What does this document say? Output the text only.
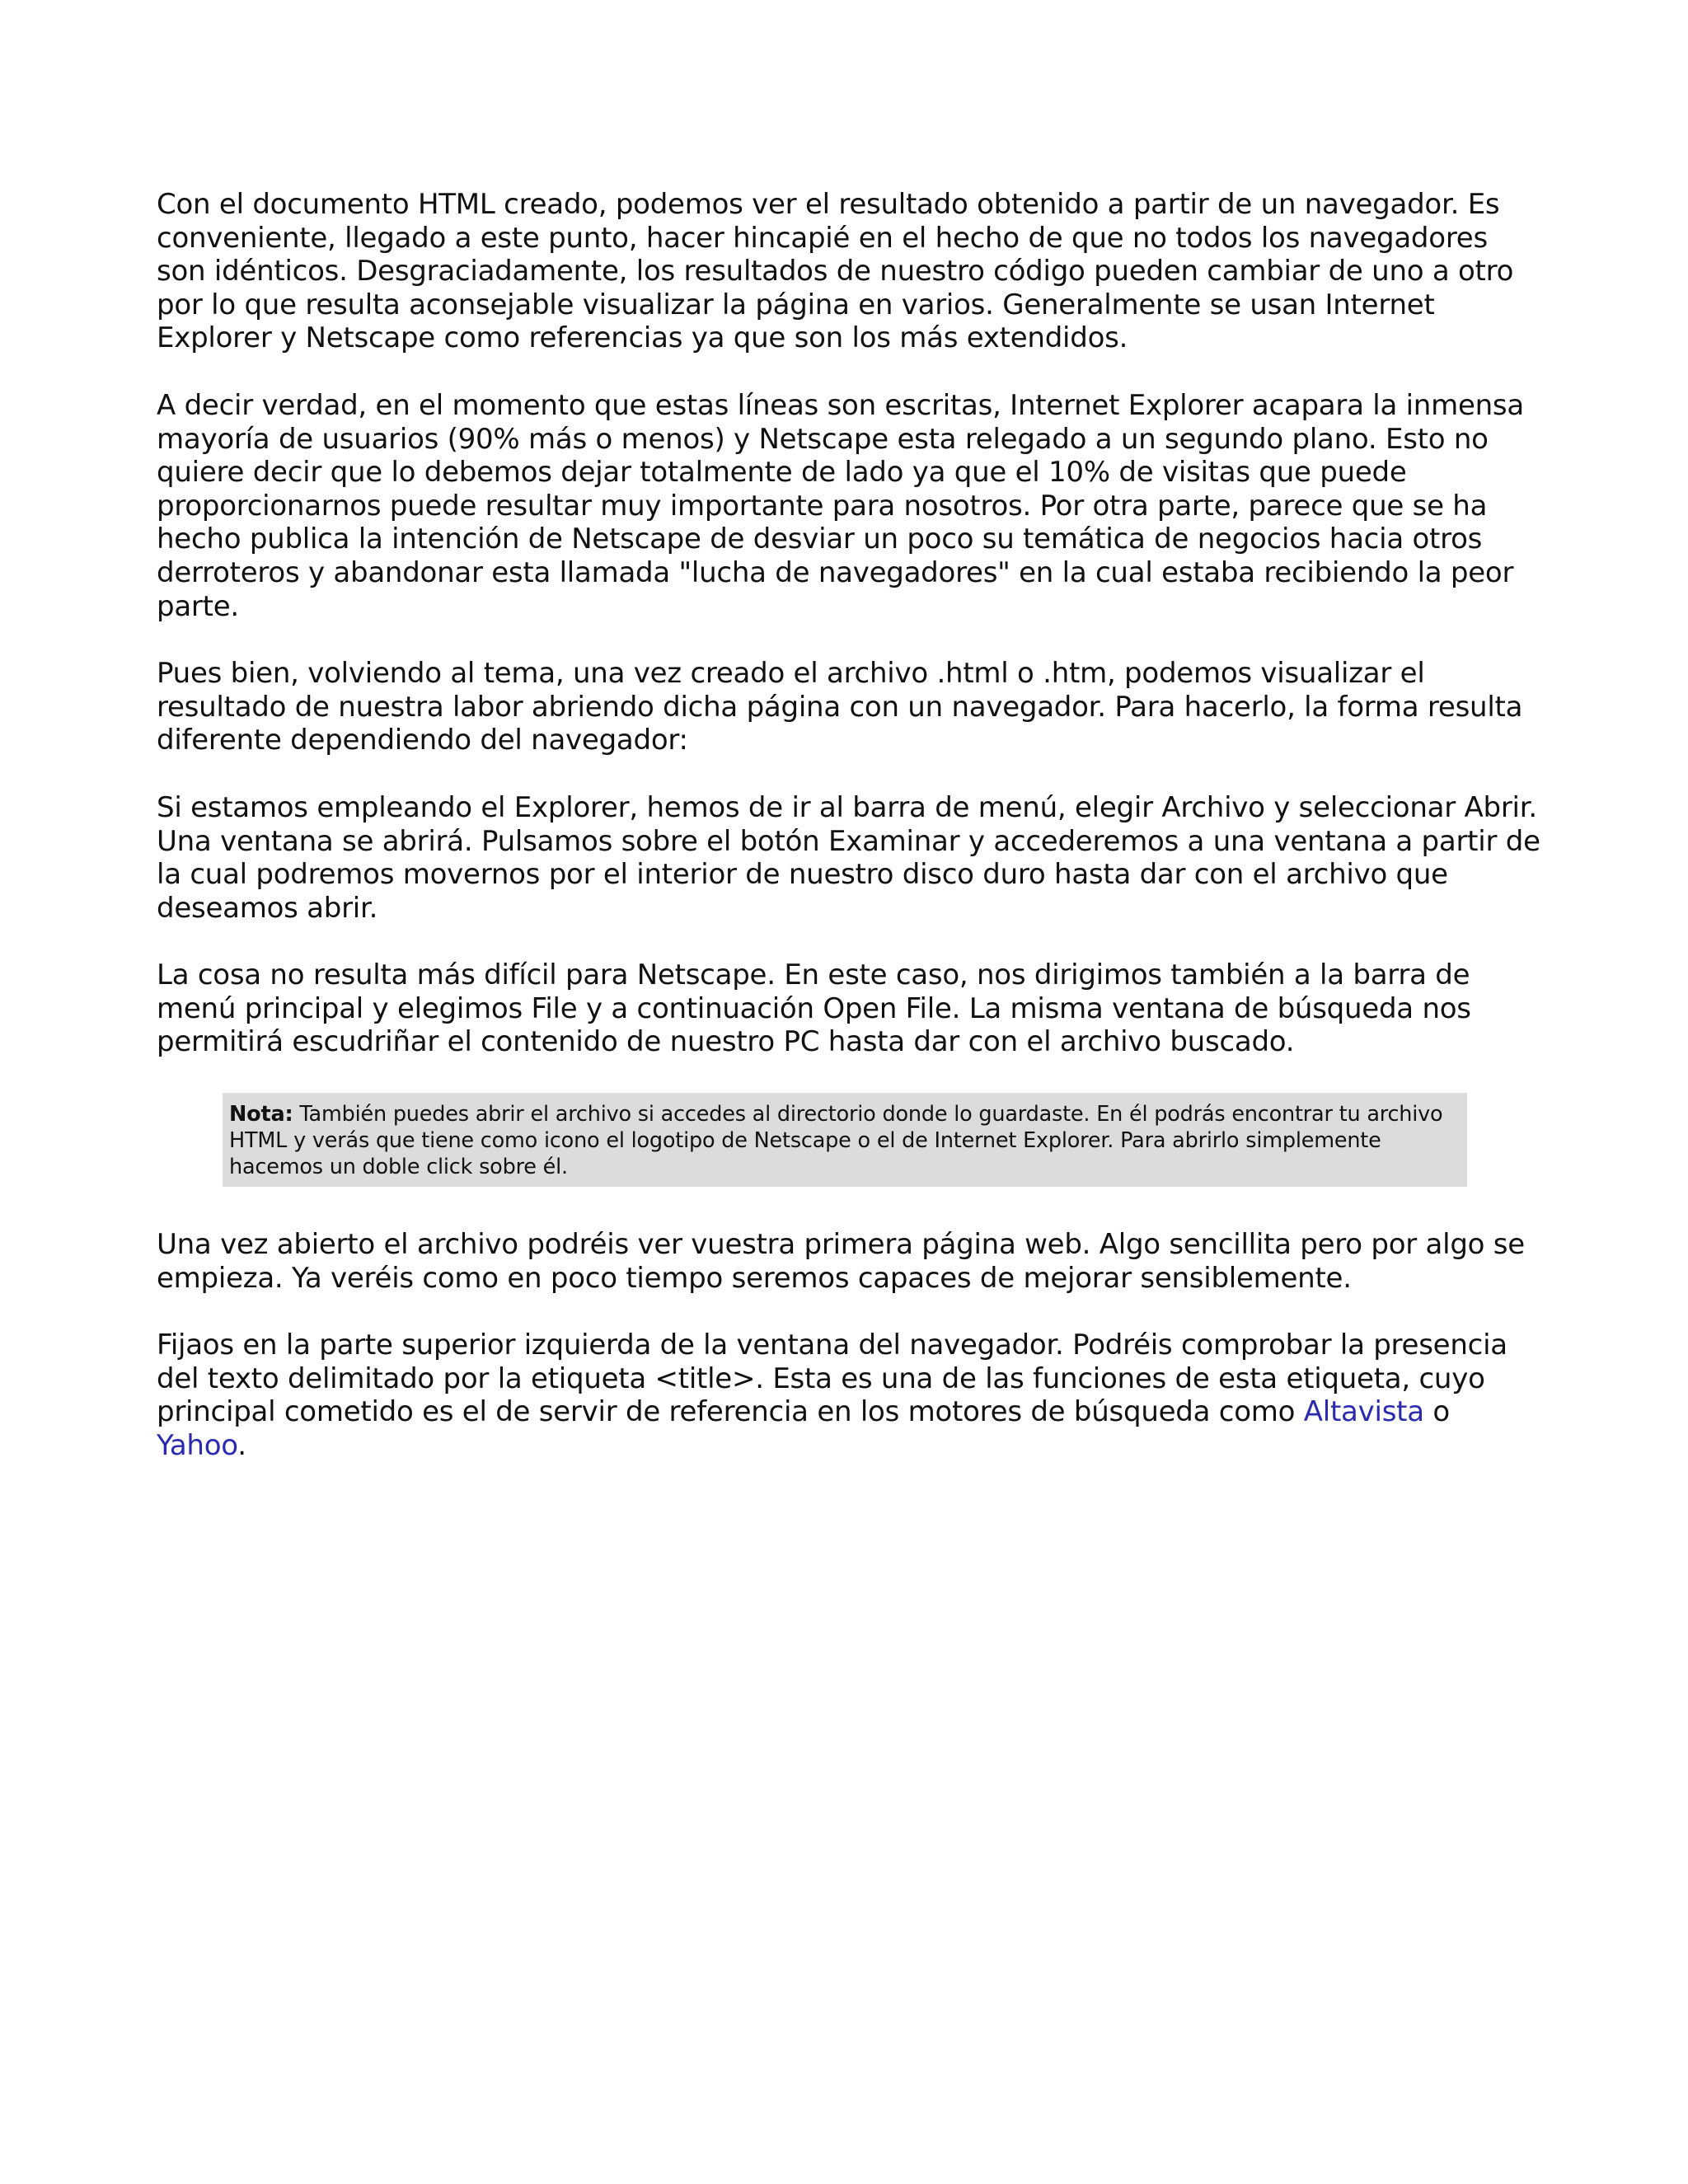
Con el documento HTML creado, podemos ver el resultado obtenido a partir de un navegador. Es conveniente, llegado a este punto, hacer hincapié en el hecho de que no todos los navegadores son idénticos. Desgraciadamente, los resultados de nuestro código pueden cambiar de uno a otro por lo que resulta aconsejable visualizar la página en varios. Generalmente se usan Internet Explorer y Netscape como referencias ya que son los más extendidos.

A decir verdad, en el momento que estas líneas son escritas, Internet Explorer acapara la inmensa mayoría de usuarios (90% más o menos) y Netscape esta relegado a un segundo plano. Esto no quiere decir que lo debemos dejar totalmente de lado ya que el 10% de visitas que puede proporcionarnos puede resultar muy importante para nosotros. Por otra parte, parece que se ha hecho publica la intención de Netscape de desviar un poco su temática de negocios hacia otros derroteros y abandonar esta llamada "lucha de navegadores" en la cual estaba recibiendo la peor parte.

Pues bien, volviendo al tema, una vez creado el archivo .html o .htm, podemos visualizar el resultado de nuestra labor abriendo dicha página con un navegador. Para hacerlo, la forma resulta diferente dependiendo del navegador:

Si estamos empleando el Explorer, hemos de ir al barra de menú, elegir Archivo y seleccionar Abrir. Una ventana se abrirá. Pulsamos sobre el botón Examinar y accederemos a una ventana a partir de la cual podremos movernos por el interior de nuestro disco duro hasta dar con el archivo que deseamos abrir.

La cosa no resulta más difícil para Netscape. En este caso, nos dirigimos también a la barra de menú principal y elegimos File y a continuación Open File. La misma ventana de búsqueda nos permitirá escudriñar el contenido de nuestro PC hasta dar con el archivo buscado.

Nota: También puedes abrir el archivo si accedes al directorio donde lo guardaste. En él podrás encontrar tu archivo HTML y verás que tiene como icono el logotipo de Netscape o el de Internet Explorer. Para abrirlo simplemente hacemos un doble click sobre él.

Una vez abierto el archivo podréis ver vuestra primera página web. Algo sencillita pero por algo se empieza. Ya veréis como en poco tiempo seremos capaces de mejorar sensiblemente.

Fijaos en la parte superior izquierda de la ventana del navegador. Podréis comprobar la presencia del texto delimitado por la etiqueta <title>. Esta es una de las funciones de esta etiqueta, cuyo principal cometido es el de servir de referencia en los motores de búsqueda como Altavista o Yahoo.
